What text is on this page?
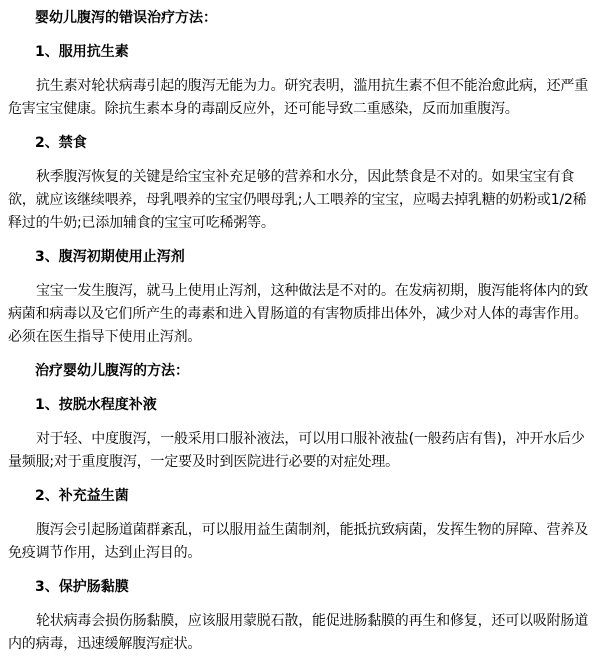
婴幼儿腹泻的错误治疗方法：
1、服用抗生素
抗生素对轮状病毒引起的腹泻无能为力。研究表明，滥用抗生素不但不能治愈此病，还严重危害宝宝健康。除抗生素本身的毒副反应外，还可能导致二重感染，反而加重腹泻。
2、禁食
秋季腹泻恢复的关键是给宝宝补充足够的营养和水分，因此禁食是不对的。如果宝宝有食欲，就应该继续喂养，母乳喂养的宝宝仍喂母乳;人工喂养的宝宝，应喝去掉乳糖的奶粉或1/2稀释过的牛奶;已添加辅食的宝宝可吃稀粥等。
3、腹泻初期使用止泻剂
宝宝一发生腹泻，就马上使用止泻剂，这种做法是不对的。在发病初期，腹泻能将体内的致病菌和病毒以及它们所产生的毒素和进入胃肠道的有害物质排出体外，减少对人体的毒害作用。必须在医生指导下使用止泻剂。
治疗婴幼儿腹泻的方法：
1、按脱水程度补液
对于轻、中度腹泻，一般采用口服补液法，可以用口服补液盐(一般药店有售)，冲开水后少量频服;对于重度腹泻，一定要及时到医院进行必要的对症处理。
2、补充益生菌
腹泻会引起肠道菌群紊乱，可以服用益生菌制剂，能抵抗致病菌，发挥生物的屏障、营养及免疫调节作用，达到止泻目的。
3、保护肠黏膜
轮状病毒会损伤肠黏膜，应该服用蒙脱石散，能促进肠黏膜的再生和修复，还可以吸附肠道内的病毒，迅速缓解腹泻症状。
